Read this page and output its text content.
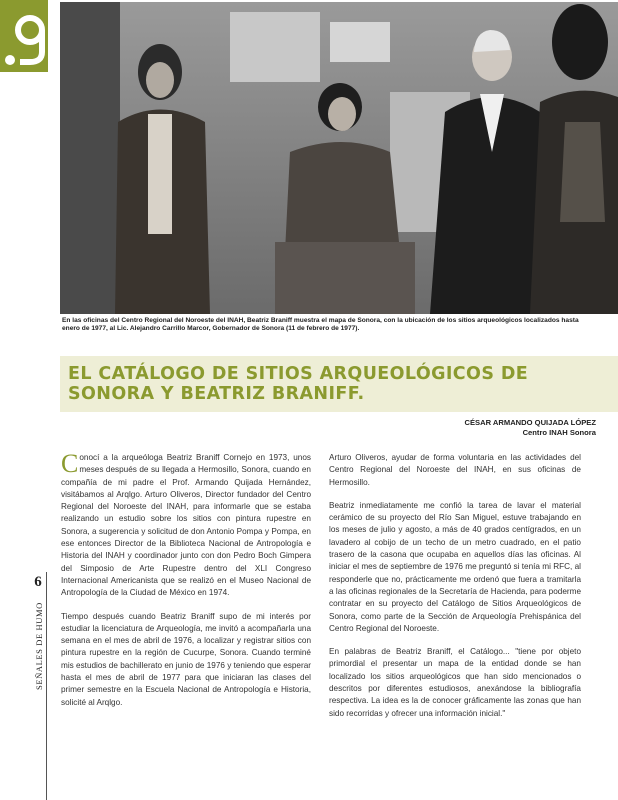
En las oficinas del Centro Regional del Noroeste del INAH, Beatriz Braniff muestra el mapa de Sonora, con la ubicación de los sitios arqueológicos localizados hasta enero de 1977, al Lic. Alejandro Carrillo Marcor, Gobernador de Sonora (11 de febrero de 1977).
EL CATÁLOGO DE SITIOS ARQUEOLÓGICOS DE SONORA Y BEATRIZ BRANIFF.
CÉSAR ARMANDO QUIJADA LÓPEZ
Centro INAH Sonora

Conocí a la arqueóloga Beatriz Braniff Cornejo en 1973, unos meses después de su llegada a Hermosillo, Sonora, cuando en compañía de mi padre el Prof. Armando Quijada Hernández, visitábamos al Arqlgo. Arturo Oliveros, Director fundador del Centro Regional del Noroeste del INAH, para informarle que se estaba realizando un estudio sobre los sitios con pintura rupestre en Sonora, a sugerencia y solicitud de don Antonio Pompa y Pompa, en ese entonces Director de la Biblioteca Nacional de Antropología e Historia del INAH y coordinador junto con don Pedro Boch Gimpera del Simposio de Arte Rupestre dentro del XLI Congreso Internacional Americanista que se realizó en el Museo Nacional de Antropología de la Ciudad de México en 1974.

Tiempo después cuando Beatriz Braniff supo de mi interés por estudiar la licenciatura de Arqueología, me invitó a acompañarla una semana en el mes de abril de 1976, a localizar y registrar sitios con pintura rupestre en la región de Cucurpe, Sonora. Cuando terminé mis estudios de bachillerato en junio de 1976 y teniendo que esperar hasta el mes de abril de 1977 para que iniciaran las clases del primer semestre en la Escuela Nacional de Antropología e Historia, solicité al Arqlgo.

Arturo Oliveros, ayudar de forma voluntaria en las actividades del Centro Regional del Noroeste del INAH, en sus oficinas de Hermosillo.

Beatriz inmediatamente me confió la tarea de lavar el material cerámico de su proyecto del Río San Miguel, estuve trabajando en los meses de julio y agosto, a más de 40 grados centígrados, en un lavadero al cobijo de un techo de un metro cuadrado, en el patio trasero de la casona que ocupaba en aquellos días las oficinas. Al iniciar el mes de septiembre de 1976 me preguntó si tenía mi RFC, al responderle que no, prácticamente me ordenó que fuera a tramitarla a las oficinas regionales de la Secretaría de Hacienda, para poderme contratar en su proyecto del Catálogo de Sitios Arqueológicos de Sonora, como parte de la Sección de Arqueología Prehispánica del Centro Regional del Noroeste.

En palabras de Beatriz Braniff, el Catálogo... "tiene por objeto primordial el presentar un mapa de la entidad donde se han localizado los sitios arqueológicos que han sido mencionados o descritos por diferentes estudiosos, anexándose la bibliografía respectiva. La idea es la de conocer gráficamente las zonas que han sido recorridas y ofrecer una información inicial."

6
SEÑALES DE HUMO
